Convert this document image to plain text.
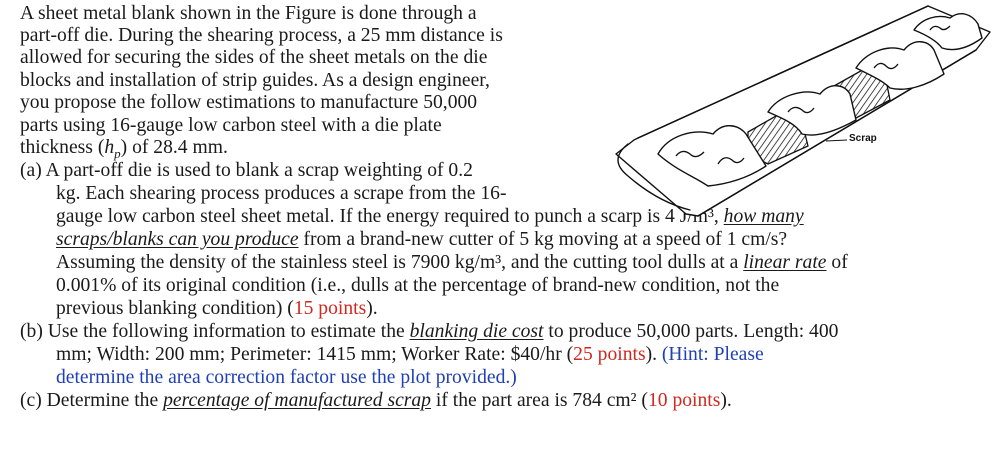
A sheet metal blank shown in the Figure is done through a
part-off die. During the shearing process, a 25 mm distance is
allowed for securing the sides of the sheet metals on the die
blocks and installation of strip guides. As a design engineer,
you propose the follow estimations to manufacture 50,000
parts using 16-gauge low carbon steel with a die plate
thickness $(h_p)$ of 28.4 mm.
(a) A part-off die is used to blank a scrap weighting of 0.2
kg. Each shearing process produces a scrape from the 16-
gauge low carbon steel sheet metal. If the energy required to punch a scarp is 4 J/m³, how many
scraps/blanks can you produce from a brand-new cutter of 5 kg moving at a speed of 1 cm/s?
Assuming the density of the stainless steel is 7900 kg/m³, and the cutting tool dulls at a linear rate of
0.001% of its original condition (i.e., dulls at the percentage of brand-new condition, not the
previous blanking condition) (15 points).
(b) Use the following information to estimate the blanking die cost to produce 50,000 parts. Length: 400
mm; Width: 200 mm; Perimeter: 1415 mm; Worker Rate: $40/hr (25 points). (Hint: Please
determine the area correction factor use the plot provided.)
(c) Determine the percentage of manufactured scrap if the part area is 784 cm² (10 points).
Scrap
